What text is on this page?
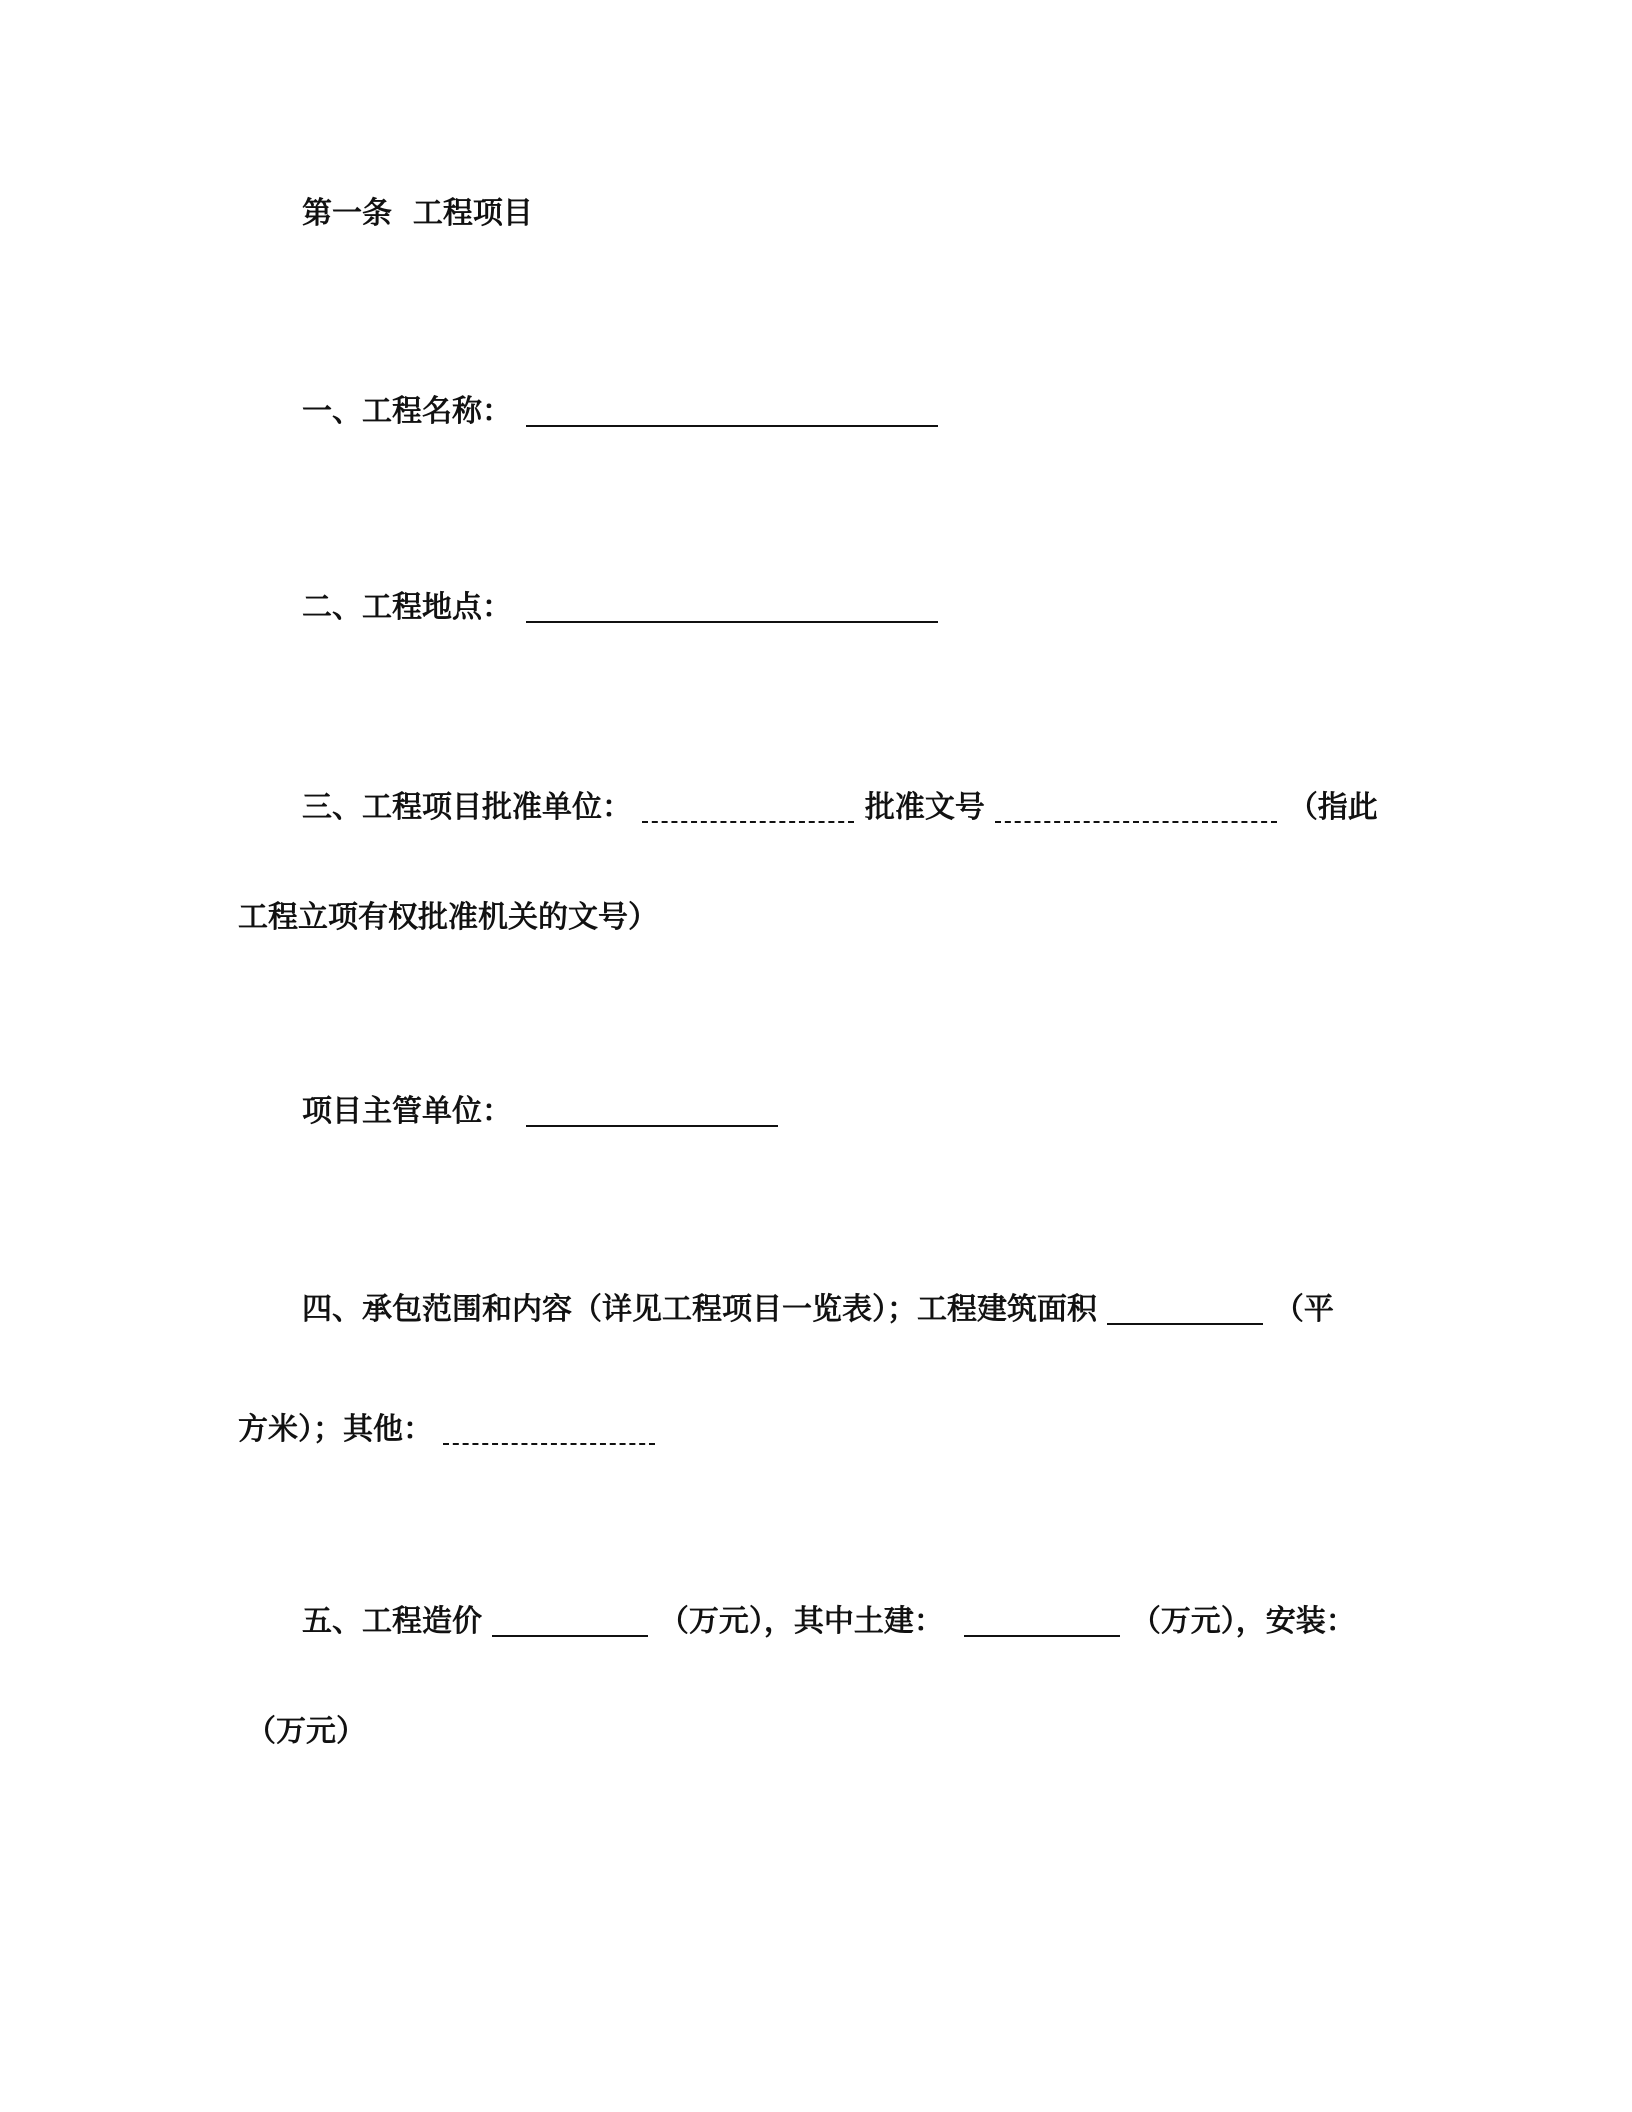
第一条  工程项目
一、工程名称：
二、工程地点：
三、工程项目批准单位：	批准文号	（指此
工程立项有权批准机关的文号）
项目主管单位：
四、承包范围和内容（详见工程项目一览表）；工程建筑面积	（平
方米）；其他：
五、工程造价	（万元），其中土建：	（万元），安装：
（万元）
